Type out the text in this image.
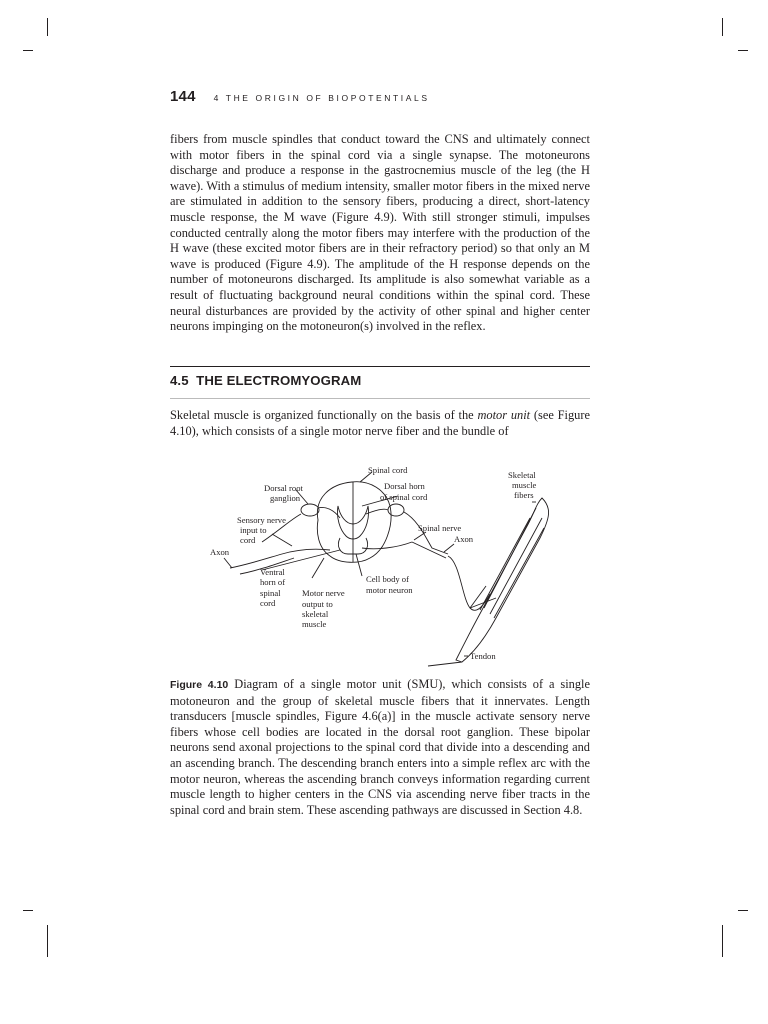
144 4 THE ORIGIN OF BIOPOTENTIALS

fibers from muscle spindles that conduct toward the CNS and ultimately connect with motor fibers in the spinal cord via a single synapse. The motoneurons discharge and produce a response in the gastrocnemius muscle of the leg (the H wave). With a stimulus of medium intensity, smaller motor fibers in the mixed nerve are stimulated in addition to the sensory fibers, producing a direct, short-latency muscle response, the M wave (Figure 4.9). With still stronger stimuli, impulses conducted centrally along the motor fibers may interfere with the production of the H wave (these excited motor fibers are in their refractory period) so that only an M wave is produced (Figure 4.9). The amplitude of the H response depends on the number of motoneurons discharged. Its amplitude is also somewhat variable as a result of fluctuating background neural conditions within the spinal cord. These neural disturbances are provided by the activity of other spinal and higher center neurons impinging on the motoneuron(s) involved in the reflex.

4.5 THE ELECTROMYOGRAM

Skeletal muscle is organized functionally on the basis of the motor unit (see Figure 4.10), which consists of a single motor nerve fiber and the bundle of

Spinal cord	Skeletal
muscle
fibers
Dorsal root
ganglion
Dorsal horn
of spinal cord
Sensory nerve
input to
cord
Spinal nerve
Axon
Axon
Ventral
horn of
spinal
cord
Motor nerve
output to
skeletal
muscle
Cell body of
motor neuron
Tendon

Figure 4.10 Diagram of a single motor unit (SMU), which consists of a single motoneuron and the group of skeletal muscle fibers that it innervates. Length transducers [muscle spindles, Figure 4.6(a)] in the muscle activate sensory nerve fibers whose cell bodies are located in the dorsal root ganglion. These bipolar neurons send axonal projections to the spinal cord that divide into a descending and an ascending branch. The descending branch enters into a simple reflex arc with the motor neuron, whereas the ascending branch conveys information regarding current muscle length to higher centers in the CNS via ascending nerve fiber tracts in the spinal cord and brain stem. These ascending pathways are discussed in Section 4.8.
